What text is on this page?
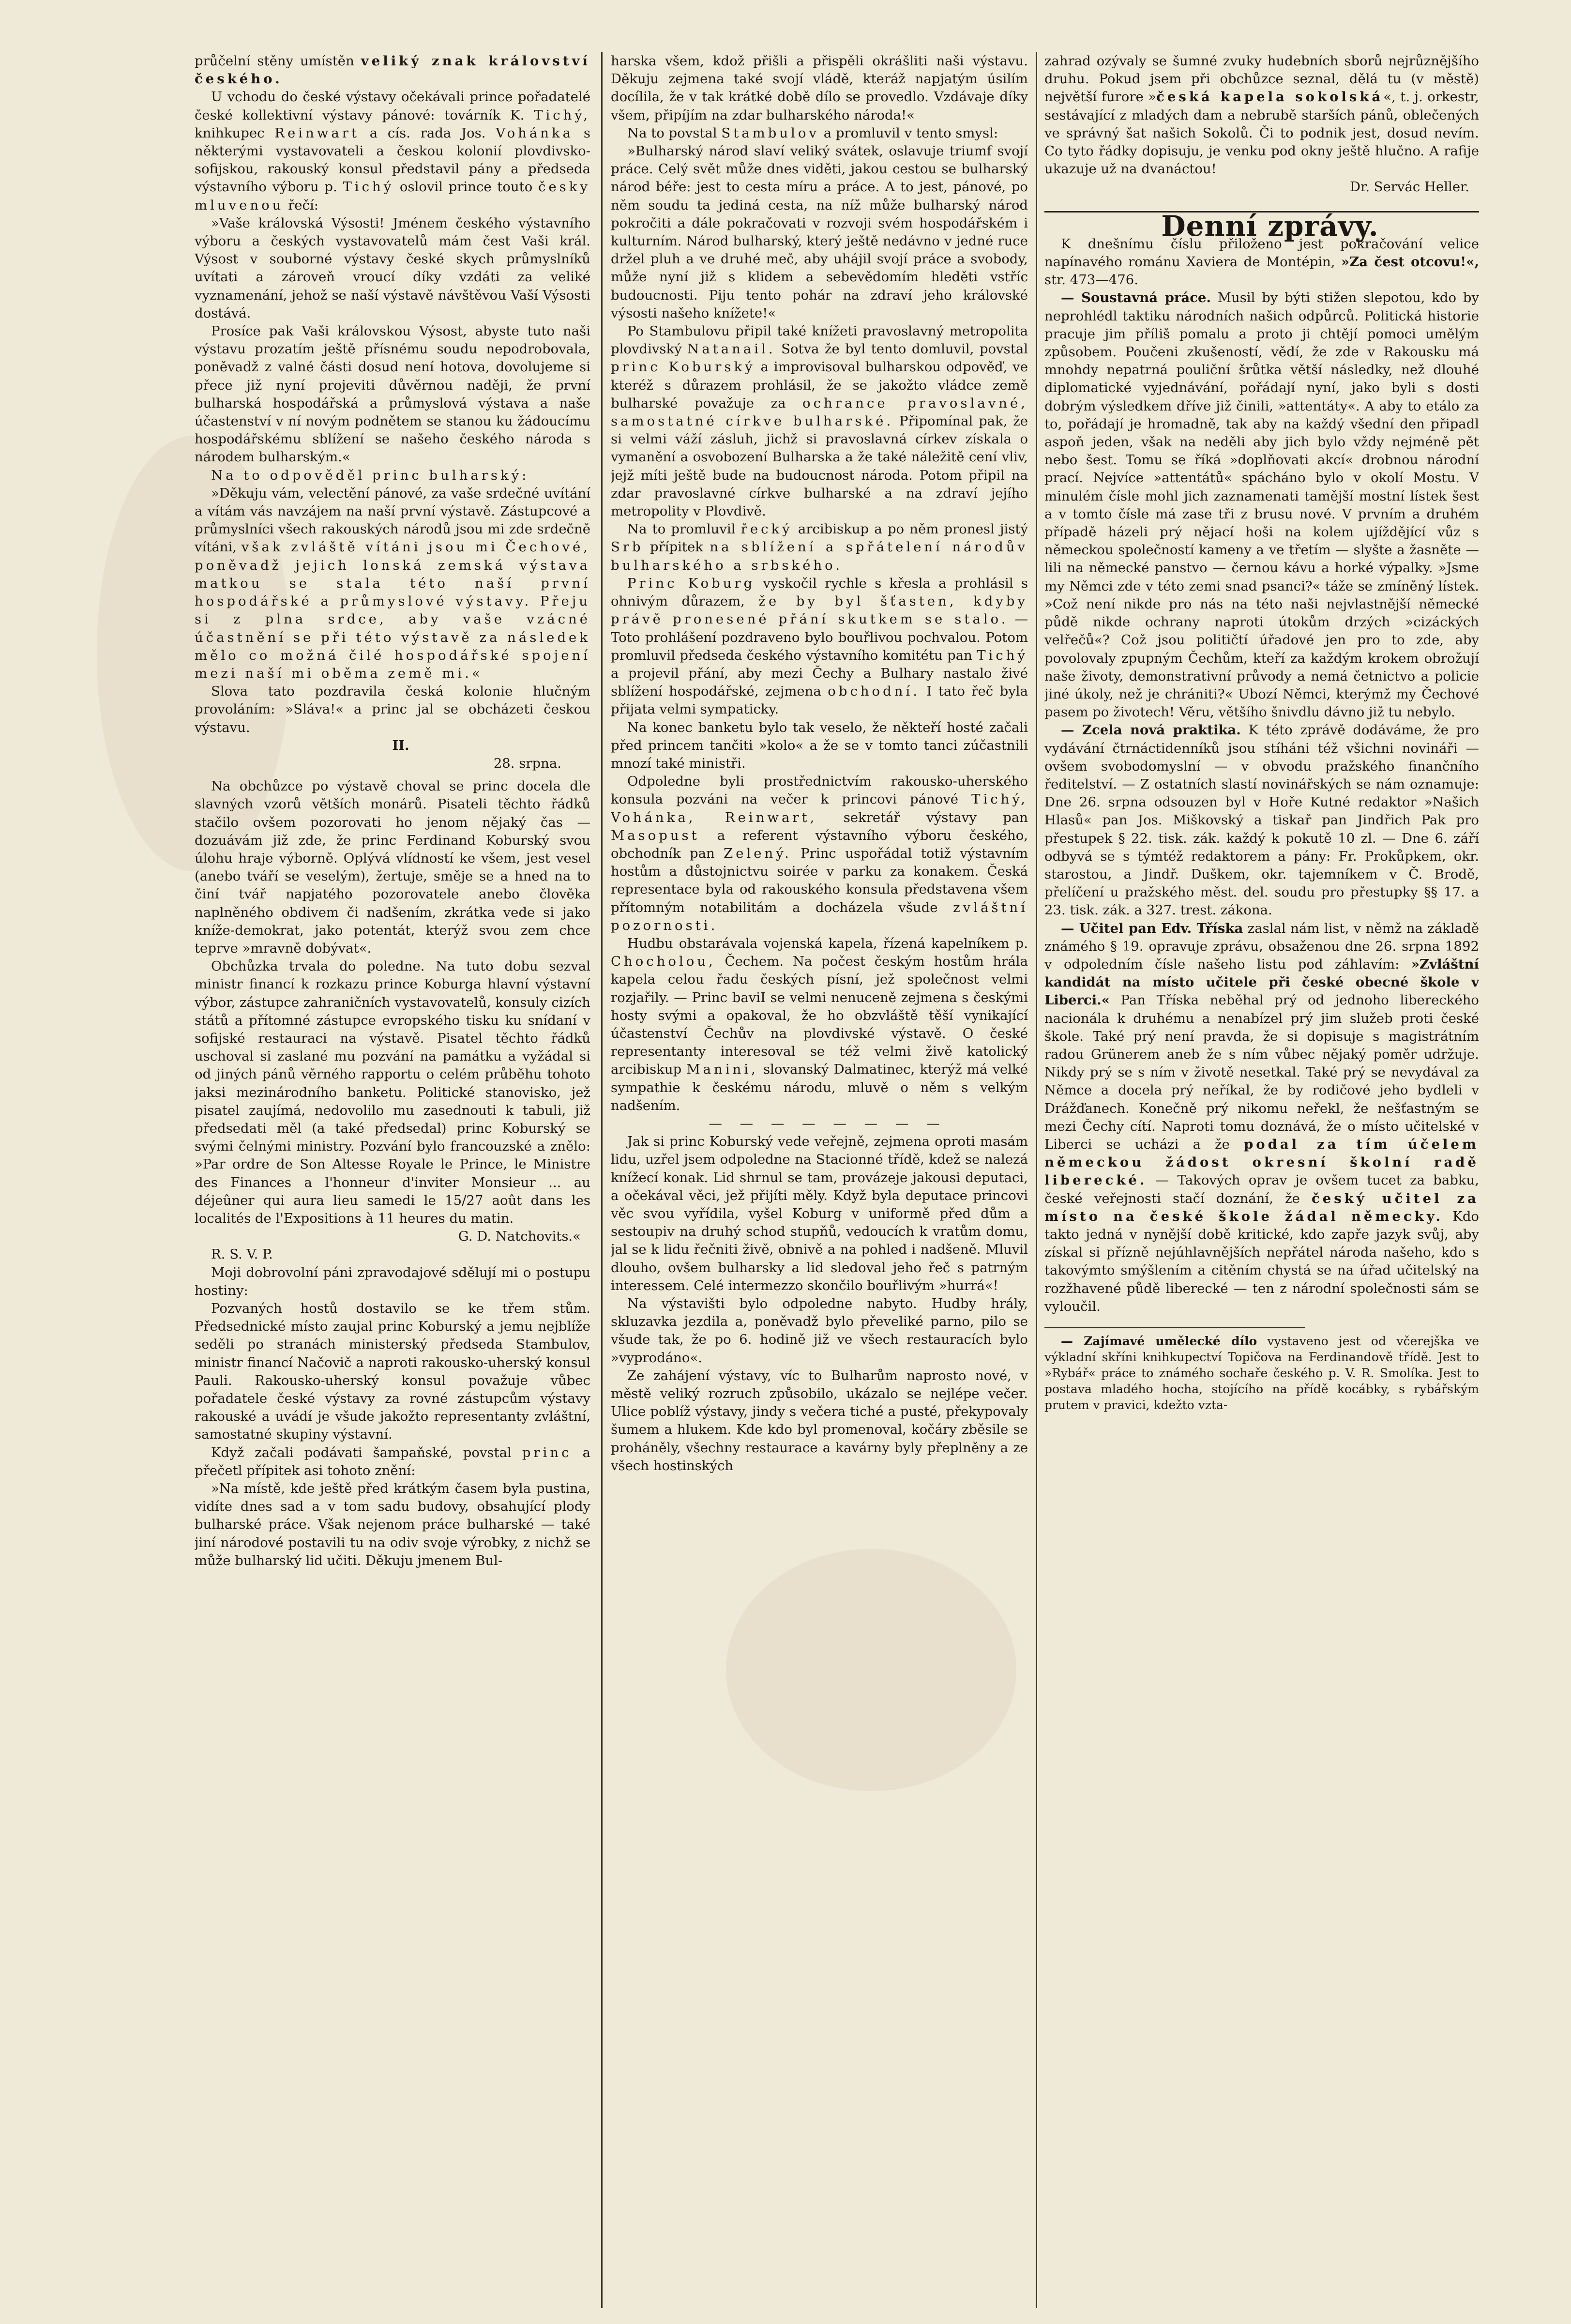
průčelní stěny umístěn veliký znak království českého.

U vchodu do české výstavy očekávali prince pořadatelé české kollektivní výstavy pánové: továrník K. Tichý, knihkupec Reinwart a cís. rada Jos. Vohánka s některými vystavovateli a českou kolonií plovdivsko-sofijskou, rakouský konsul představil pány a předseda výstavního výboru p. Tichý oslovil prince touto česky mluvenou řečí:

»Vaše královská Výsosti! Jménem českého výstavního výboru a českých vystavovatelů mám čest Vaši král. Výsost v souborné výstavy české skych průmyslníků uvítati a zároveň vroucí díky vzdáti za veliké vyznamenání, jehož se naší výstavě návštěvou Vaší Výsosti dostává.

Prosíce pak Vaši královskou Výsost, abyste tuto naši výstavu prozatím ještě přísnému soudu nepodrobovala, poněvadž z valné části dosud není hotova, dovolujeme si přece již nyní projeviti důvěrnou naději, že první bulharská hospodářská a průmyslová výstava a naše účastenství v ní novým podnětem se stanou ku žádoucímu hospodářskému sblížení se našeho českého národa s národem bulharským.«

Na to odpověděl princ bulharský:

»Děkuju vám, velectění pánové, za vaše srdečné uvítání a vítám vás navzájem na naší první výstavě. Zástupcové a průmyslníci všech rakouských národů jsou mi zde srdečně vítáni, však zvláště vítáni jsou mi Čechové, poněvadž jejich lonská zemská výstava matkou se stala této naší první hospodářské a průmyslové výstavy. Přeju si z plna srdce, aby vaše vzácné účastnění se při této výstavě za následek mělo co možná čilé hospodářské spojení mezi naší mi oběma země mi.«

Slova tato pozdravila česká kolonie hlučným provoláním: »Sláva!« a princ jal se obcházeti českou výstavu.

II.

28. srpna.

Na obchůzce po výstavě choval se princ docela dle slavných vzorů větších monárů. Pisateli těchto řádků stačilo ovšem pozorovati ho jenom nějaký čas — dozuávám již zde, že princ Ferdinand Koburský svou úlohu hraje výborně. Oplývá vlídností ke všem, jest vesel (anebo tváří se veselým), žertuje, směje se a hned na to činí tvář napjatého pozorovatele anebo člověka naplněného obdivem či nadšením, zkrátka vede si jako kníže-demokrat, jako potentát, kterýž svou zem chce teprve »mravně dobývat«.

Obchůzka trvala do poledne. Na tuto dobu sezval ministr financí k rozkazu prince Koburga hlavní výstavní výbor, zástupce zahraničních vystavovatelů, konsuly cizích států a přítomné zástupce evropského tisku ku snídaní v sofijské restauraci na výstavě. Pisatel těchto řádků uschoval si zaslané mu pozvání na památku a vyžádal si od jiných pánů věrného rapportu o celém průběhu tohoto jaksi mezinárodního banketu. Politické stanovisko, jež pisatel zaujímá, nedovolilo mu zasednouti k tabuli, již předsedati měl (a také předsedal) princ Koburský se svými čelnými ministry. Pozvání bylo francouzské a znělo: »Par ordre de Son Altesse Royale le Prince, le Ministre des Finances a l'honneur d'inviter Monsieur ... au déjeûner qui aura lieu samedi le 15/27 août dans les localités de l'Expositions à 11 heures du matin.

G. D. Natchovits.«

R. S. V. P.

Moji dobrovolní páni zpravodajové sdělují mi o postupu hostiny:

Pozvaných hostů dostavilo se ke třem stům. Předsednické místo zaujal princ Koburský a jemu nejblíže seděli po stranách ministerský předseda Stambulov, ministr financí Načovič a naproti rakousko-uherský konsul Pauli. Rakousko-uherský konsul považuje vůbec pořadatele české výstavy za rovné zástupcům výstavy rakouské a uvádí je všude jakožto representanty zvláštní, samostatné skupiny výstavní.

Když začali podávati šampaňské, povstal princ a přečetl přípitek asi tohoto znění:

»Na místě, kde ještě před krátkým časem byla pustina, vidíte dnes sad a v tom sadu budovy, obsahující plody bulharské práce. Však nejenom práce bulharské — také jiní národové postavili tu na odiv svoje výrobky, z nichž se může bulharský lid učiti. Děkuju jmenem Bul-

harska všem, kdož přišli a přispěli okrášliti naši výstavu. Děkuju zejmena také svojí vládě, kteráž napjatým úsilím docílila, že v tak krátké době dílo se provedlo. Vzdávaje díky všem, připíjím na zdar bulharského národa!«

Na to povstal Stambulov a promluvil v tento smysl:

»Bulharský národ slaví veliký svátek, oslavuje triumf svojí práce. Celý svět může dnes viděti, jakou cestou se bulharský národ béře: jest to cesta míru a práce. A to jest, pánové, po něm soudu ta jediná cesta, na níž může bulharský národ pokročiti a dále pokračovati v rozvoji svém hospodářském i kulturním. Národ bulharský, který ještě nedávno v jedné ruce držel pluh a ve druhé meč, aby uhájil svojí práce a svobody, může nyní již s klidem a sebevědomím hleděti vstříc budoucnosti. Piju tento pohár na zdraví jeho královské výsosti našeho knížete!«

Po Stambulovu připil také knížeti pravoslavný metropolita plovdivský Natanail. Sotva že byl tento domluvil, povstal princ Koburský a improvisoval bulharskou odpověď, ve kteréž s důrazem prohlásil, že se jakožto vládce země bulharské považuje za ochrance pravoslavné, samostatné církve bulharské. Připomínal pak, že si velmi váží zásluh, jichž si pravoslavná církev získala o vymanění a osvobození Bulharska a že také náležitě cení vliv, jejž míti ještě bude na budoucnost národa. Potom připil na zdar pravoslavné církve bulharské a na zdraví jejího metropolity v Plovdivě.

Na to promluvil řecký arcibiskup a po něm pronesl jistý Srb přípitek na sblížení a spřátelení národův bulharského a srbského.

Princ Koburg vyskočil rychle s křesla a prohlásil s ohnivým důrazem, že by byl šťasten, kdyby právě pronesené přání skutkem se stalo. — Toto prohlášení pozdraveno bylo bouřlivou pochvalou. Potom promluvil předseda českého výstavního komitétu pan Tichý a projevil přání, aby mezi Čechy a Bulhary nastalo živé sblížení hospodářské, zejmena obchodní. I tato řeč byla přijata velmi sympaticky.

Na konec banketu bylo tak veselo, že někteří hosté začali před princem tančiti »kolo« a že se v tomto tanci zúčastnili mnozí také ministři.

Odpoledne byli prostřednictvím rakousko-uherského konsula pozváni na večer k princovi pánové Tichý, Vohánka, Reinwart, sekretář výstavy pan Masopust a referent výstavního výboru českého, obchodník pan Zelený. Princ uspořádal totiž výstavním hostům a důstojnictvu soirée v parku za konakem. Česká representace byla od rakouského konsula představena všem přítomným notabilitám a docházela všude zvláštní pozornosti.

Hudbu obstarávala vojenská kapela, řízená kapelníkem p. Chocholou, Čechem. Na počest českým hostům hrála kapela celou řadu českých písní, jež společnost velmi rozjařily. — Princ baviI se velmi nenuceně zejmena s českými hosty svými a opakoval, že ho obzvláště těší vynikající účastenství Čechův na plovdivské výstavě. O české representanty interesoval se též velmi živě katolický arcibiskup Manini, slovanský Dalmatinec, kterýž má velké sympathie k českému národu, mluvě o něm s velkým nadšením.

— — — — — — — —

Jak si princ Koburský vede veřejně, zejmena oproti masám lidu, uzřel jsem odpoledne na Stacionné třídě, kdež se nalezá knížecí konak. Lid shrnul se tam, provázeje jakousi deputaci, a očekával věci, jež přijíti měly. Když byla deputace princovi věc svou vyřídila, vyšel Koburg v uniformě před dům a sestoupiv na druhý schod stupňů, vedoucích k vratům domu, jal se k lidu řečniti živě, obnivě a na pohled i nadšeně. Mluvil dlouho, ovšem bulharsky a lid sledoval jeho řeč s patrným interessem. Celé intermezzo skončilo bouřlivým »hurrá«!

Na výstavišti bylo odpoledne nabyto. Hudby hrály, skluzavka jezdila a, poněvadž bylo převeliké parno, pilo se všude tak, že po 6. hodině již ve všech restauracích bylo »vyprodáno«.

Ze zahájení výstavy, víc to Bulharům naprosto nové, v městě veliký rozruch způsobilo, ukázalo se nejlépe večer. Ulice poblíž výstavy, jindy s večera tiché a pusté, překypovaly šumem a hlukem. Kde kdo byl promenoval, kočáry zběsile se proháněly, všechny restaurace a kavárny byly přeplněny a ze všech hostinských

zahrad ozývaly se šumné zvuky hudebních sborů nejrůznějšího druhu. Pokud jsem při obchůzce seznal, dělá tu (v městě) největší furore »česká kapela sokolská«, t. j. orkestr, sestávající z mladých dam a nebrubě starších pánů, oblečených ve správný šat našich Sokolů. Či to podnik jest, dosud nevím. Co tyto řádky dopisuju, je venku pod okny ještě hlučno. A rafije ukazuje už na dvanáctou!

Dr. Servác Heller.

Denní zprávy.

K dnešnímu číslu přiloženo jest pokračování velice napínavého románu Xaviera de Montépin, »Za čest otcovu!«, str. 473—476.

— Soustavná práce. Musil by býti stižen slepotou, kdo by neprohlédl taktiku národních našich odpůrců. Politická historie pracuje jim příliš pomalu a proto ji chtějí pomoci umělým způsobem. Poučeni zkušeností, vědí, že zde v Rakousku má mnohdy nepatrná pouliční šrůtka větší následky, než dlouhé diplomatické vyjednávání, pořádají nyní, jako byli s dosti dobrým výsledkem dříve již činili, »attentáty«. A aby to etálo za to, pořádají je hromadně, tak aby na každý všední den připadl aspoň jeden, však na neděli aby jich bylo vždy nejméně pět nebo šest. Tomu se říká »doplňovati akcí« drobnou národní prací. Nejvíce »attentátů« spácháno bylo v okolí Mostu. V minulém čísle mohl jich zaznamenati tamější mostní lístek šest a v tomto čísle má zase tři z brusu nové. V prvním a druhém případě házeli prý nějací hoši na kolem ujíždějící vůz s německou společností kameny a ve třetím — slyšte a žasněte — lili na německé panstvo — černou kávu a horké výpalky. »Jsme my Němci zde v této zemi snad psanci?« táže se zmíněný lístek. »Což není nikde pro nás na této naši nejvlastnější německé půdě nikde ochrany naproti útokům drzých »cizáckých velřečů«? Což jsou političtí úřadové jen pro to zde, aby povolovaly zpupným Čechům, kteří za každým krokem obrožují naše životy, demonstrativní průvody a nemá četnictvo a policie jiné úkoly, než je chrániti?« Ubozí Němci, kterýmž my Čechové pasem po životech! Věru, většího šnivdlu dávno již tu nebylo.

— Zcela nová praktika. K této zprávě dodáváme, že pro vydávání čtrnáctidenníků jsou stíháni též všichni novináři — ovšem svobodomyslní — v obvodu pražského finančního ředitelství. — Z ostatních slastí novinářských se nám oznamuje: Dne 26. srpna odsouzen byl v Hoře Kutné redaktor »Našich Hlasů« pan Jos. Miškovský a tiskař pan Jindřich Pak pro přestupek § 22. tisk. zák. každý k pokutě 10 zl. — Dne 6. září odbyvá se s týmtéž redaktorem a pány: Fr. Prokůpkem, okr. starostou, a Jindř. Duškem, okr. tajemníkem v Č. Brodě, přelíčení u pražského měst. del. soudu pro přestupky §§ 17. a 23. tisk. zák. a 327. trest. zákona.

— Učitel pan Edv. Tříska zaslal nám list, v němž na základě známého § 19. opravuje zprávu, obsaženou dne 26. srpna 1892 v odpoledním čísle našeho listu pod záhlavím: »Zvláštní kandidát na místo učitele při české obecné škole v Liberci.« Pan Tříska neběhal prý od jednoho libereckého nacionála k druhému a nenabízel prý jim služeb proti české škole. Také prý není pravda, že si dopisuje s magistrátním radou Grünerem aneb že s ním vůbec nějaký poměr udržuje. Nikdy prý se s ním v životě nesetkal. Také prý se nevydával za Němce a docela prý neříkal, že by rodičové jeho bydleli v Drážďanech. Konečně prý nikomu neřekl, že nešťastným se mezi Čechy cítí. Naproti tomu doznává, že o místo učitelské v Liberci se ucházi a že podal za tím účelem německou žádost okresní školní radě liberecké. — Takových oprav je ovšem tucet za babku, české veřejnosti stačí doznání, že český učitel za místo na české škole žádal německy. Kdo takto jedná v nynější době kritické, kdo zapře jazyk svůj, aby získal si přízně nejúhlavnějších nepřátel národa našeho, kdo s takovýmto smýšlením a citěním chystá se na úřad učitelský na rozžhavené půdě liberecké — ten z národní společnosti sám se vyloučil.

— Zajímavé umělecké dílo vystaveno jest od včerejška ve výkladní skříni knihkupectví Topičova na Ferdinandově třídě. Jest to »Rybář« práce to známého sochaře českého p. V. R. Smolíka. Jest to postava mladého hocha, stojícího na přídě kocábky, s rybářským prutem v pravici, kdežto vzta-
